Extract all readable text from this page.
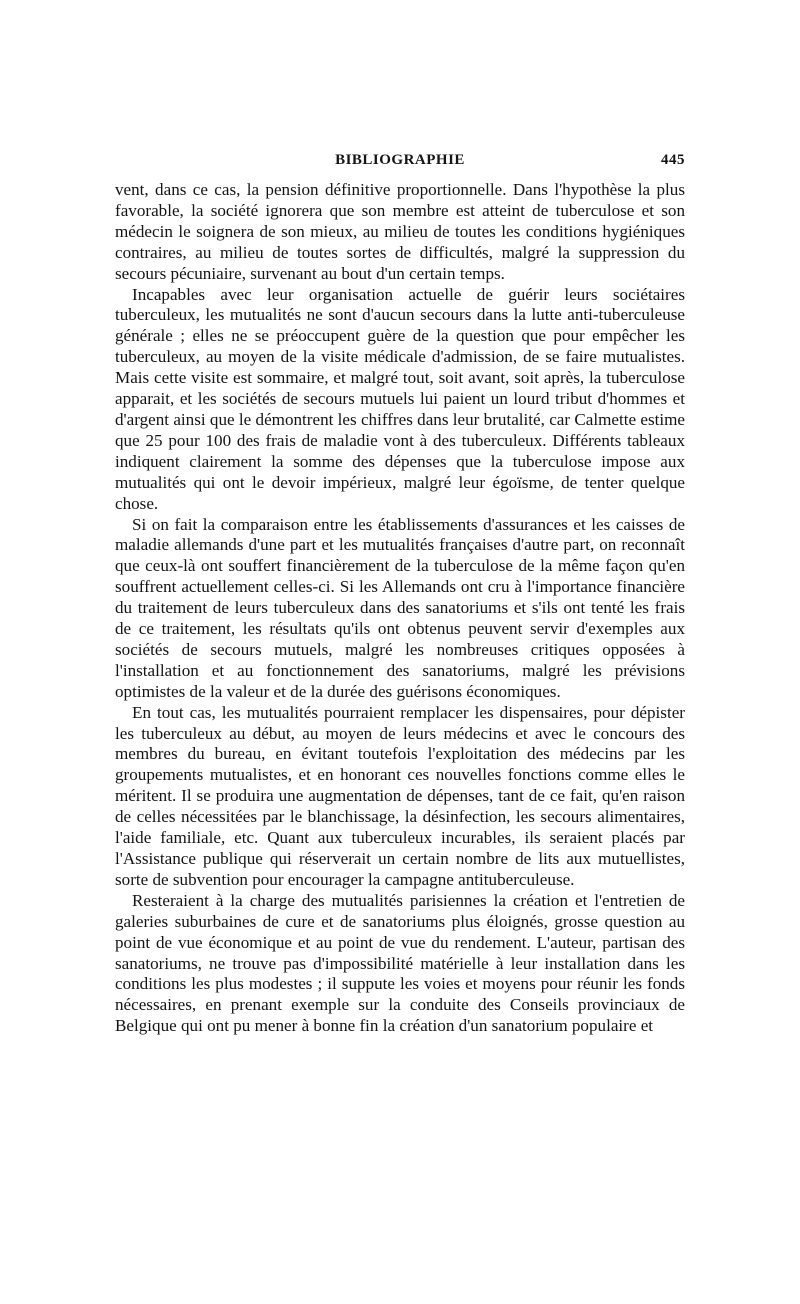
BIBLIOGRAPHIE	445

vent, dans ce cas, la pension définitive proportionnelle. Dans l'hypothèse la plus favorable, la société ignorera que son membre est atteint de tuberculose et son médecin le soignera de son mieux, au milieu de toutes les conditions hygiéniques contraires, au milieu de toutes sortes de difficultés, malgré la suppression du secours pécuniaire, survenant au bout d'un certain temps.

Incapables avec leur organisation actuelle de guérir leurs sociétaires tuberculeux, les mutualités ne sont d'aucun secours dans la lutte anti-tuberculeuse générale ; elles ne se préoccupent guère de la question que pour empêcher les tuberculeux, au moyen de la visite médicale d'admission, de se faire mutualistes. Mais cette visite est sommaire, et malgré tout, soit avant, soit après, la tuberculose apparait, et les sociétés de secours mutuels lui paient un lourd tribut d'hommes et d'argent ainsi que le démontrent les chiffres dans leur brutalité, car Calmette estime que 25 pour 100 des frais de maladie vont à des tuberculeux. Différents tableaux indiquent clairement la somme des dépenses que la tuberculose impose aux mutualités qui ont le devoir impérieux, malgré leur égoïsme, de tenter quelque chose.

Si on fait la comparaison entre les établissements d'assurances et les caisses de maladie allemands d'une part et les mutualités françaises d'autre part, on reconnaît que ceux-là ont souffert financièrement de la tuberculose de la même façon qu'en souffrent actuellement celles-ci. Si les Allemands ont cru à l'importance financière du traitement de leurs tuberculeux dans des sanatoriums et s'ils ont tenté les frais de ce traitement, les résultats qu'ils ont obtenus peuvent servir d'exemples aux sociétés de secours mutuels, malgré les nombreuses critiques opposées à l'installation et au fonctionnement des sanatoriums, malgré les prévisions optimistes de la valeur et de la durée des guérisons économiques.

En tout cas, les mutualités pourraient remplacer les dispensaires, pour dépister les tuberculeux au début, au moyen de leurs médecins et avec le concours des membres du bureau, en évitant toutefois l'exploitation des médecins par les groupements mutualistes, et en honorant ces nouvelles fonctions comme elles le méritent. Il se produira une augmentation de dépenses, tant de ce fait, qu'en raison de celles nécessitées par le blanchissage, la désinfection, les secours alimentaires, l'aide familiale, etc. Quant aux tuberculeux incurables, ils seraient placés par l'Assistance publique qui réserverait un certain nombre de lits aux mutuellistes, sorte de subvention pour encourager la campagne antituberculeuse.

Resteraient à la charge des mutualités parisiennes la création et l'entretien de galeries suburbaines de cure et de sanatoriums plus éloignés, grosse question au point de vue économique et au point de vue du rendement. L'auteur, partisan des sanatoriums, ne trouve pas d'impossibilité matérielle à leur installation dans les conditions les plus modestes ; il suppute les voies et moyens pour réunir les fonds nécessaires, en prenant exemple sur la conduite des Conseils provinciaux de Belgique qui ont pu mener à bonne fin la création d'un sanatorium populaire et
